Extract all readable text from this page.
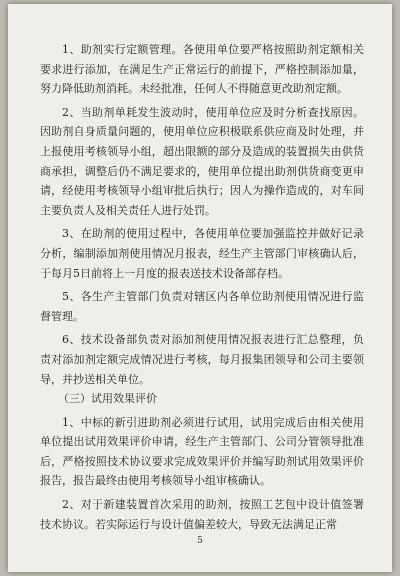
1、助剂实行定额管理。各使用单位要严格按照助剂定额相关要求进行添加，在满足生产正常运行的前提下，严格控制添加量，努力降低助剂消耗。未经批准，任何人不得随意更改助剂定额。

2、当助剂单耗发生波动时，使用单位应及时分析查找原因。因助剂自身质量问题的，使用单位应积极联系供应商及时处理，并上报使用考核领导小组，超出限额的部分及造成的装置损失由供货商承担，调整后仍不满足要求的，使用单位提出助剂供货商变更申请，经使用考核领导小组审批后执行；因人为操作造成的，对车间主要负责人及相关责任人进行处罚。

3、在助剂的使用过程中，各使用单位要加强监控并做好记录分析，编制添加剂使用情况月报表，经生产主管部门审核确认后，于每月5日前将上一月度的报表送技术设备部存档。

5、各生产主管部门负责对辖区内各单位助剂使用情况进行监督管理。

6、技术设备部负责对添加剂使用情况报表进行汇总整理，负责对添加剂定额完成情况进行考核，每月报集团领导和公司主要领导，并抄送相关单位。

（三）试用效果评价

1、中标的新引进助剂必须进行试用，试用完成后由相关使用单位提出试用效果评价申请，经生产主管部门、公司分管领导批准后，严格按照技术协议要求完成效果评价并编写助剂试用效果评价报告，报告最终由使用考核领导小组审核确认。

2、对于新建装置首次采用的助剂，按照工艺包中设计值签署技术协议。若实际运行与设计值偏差较大，导致无法满足正常

5
